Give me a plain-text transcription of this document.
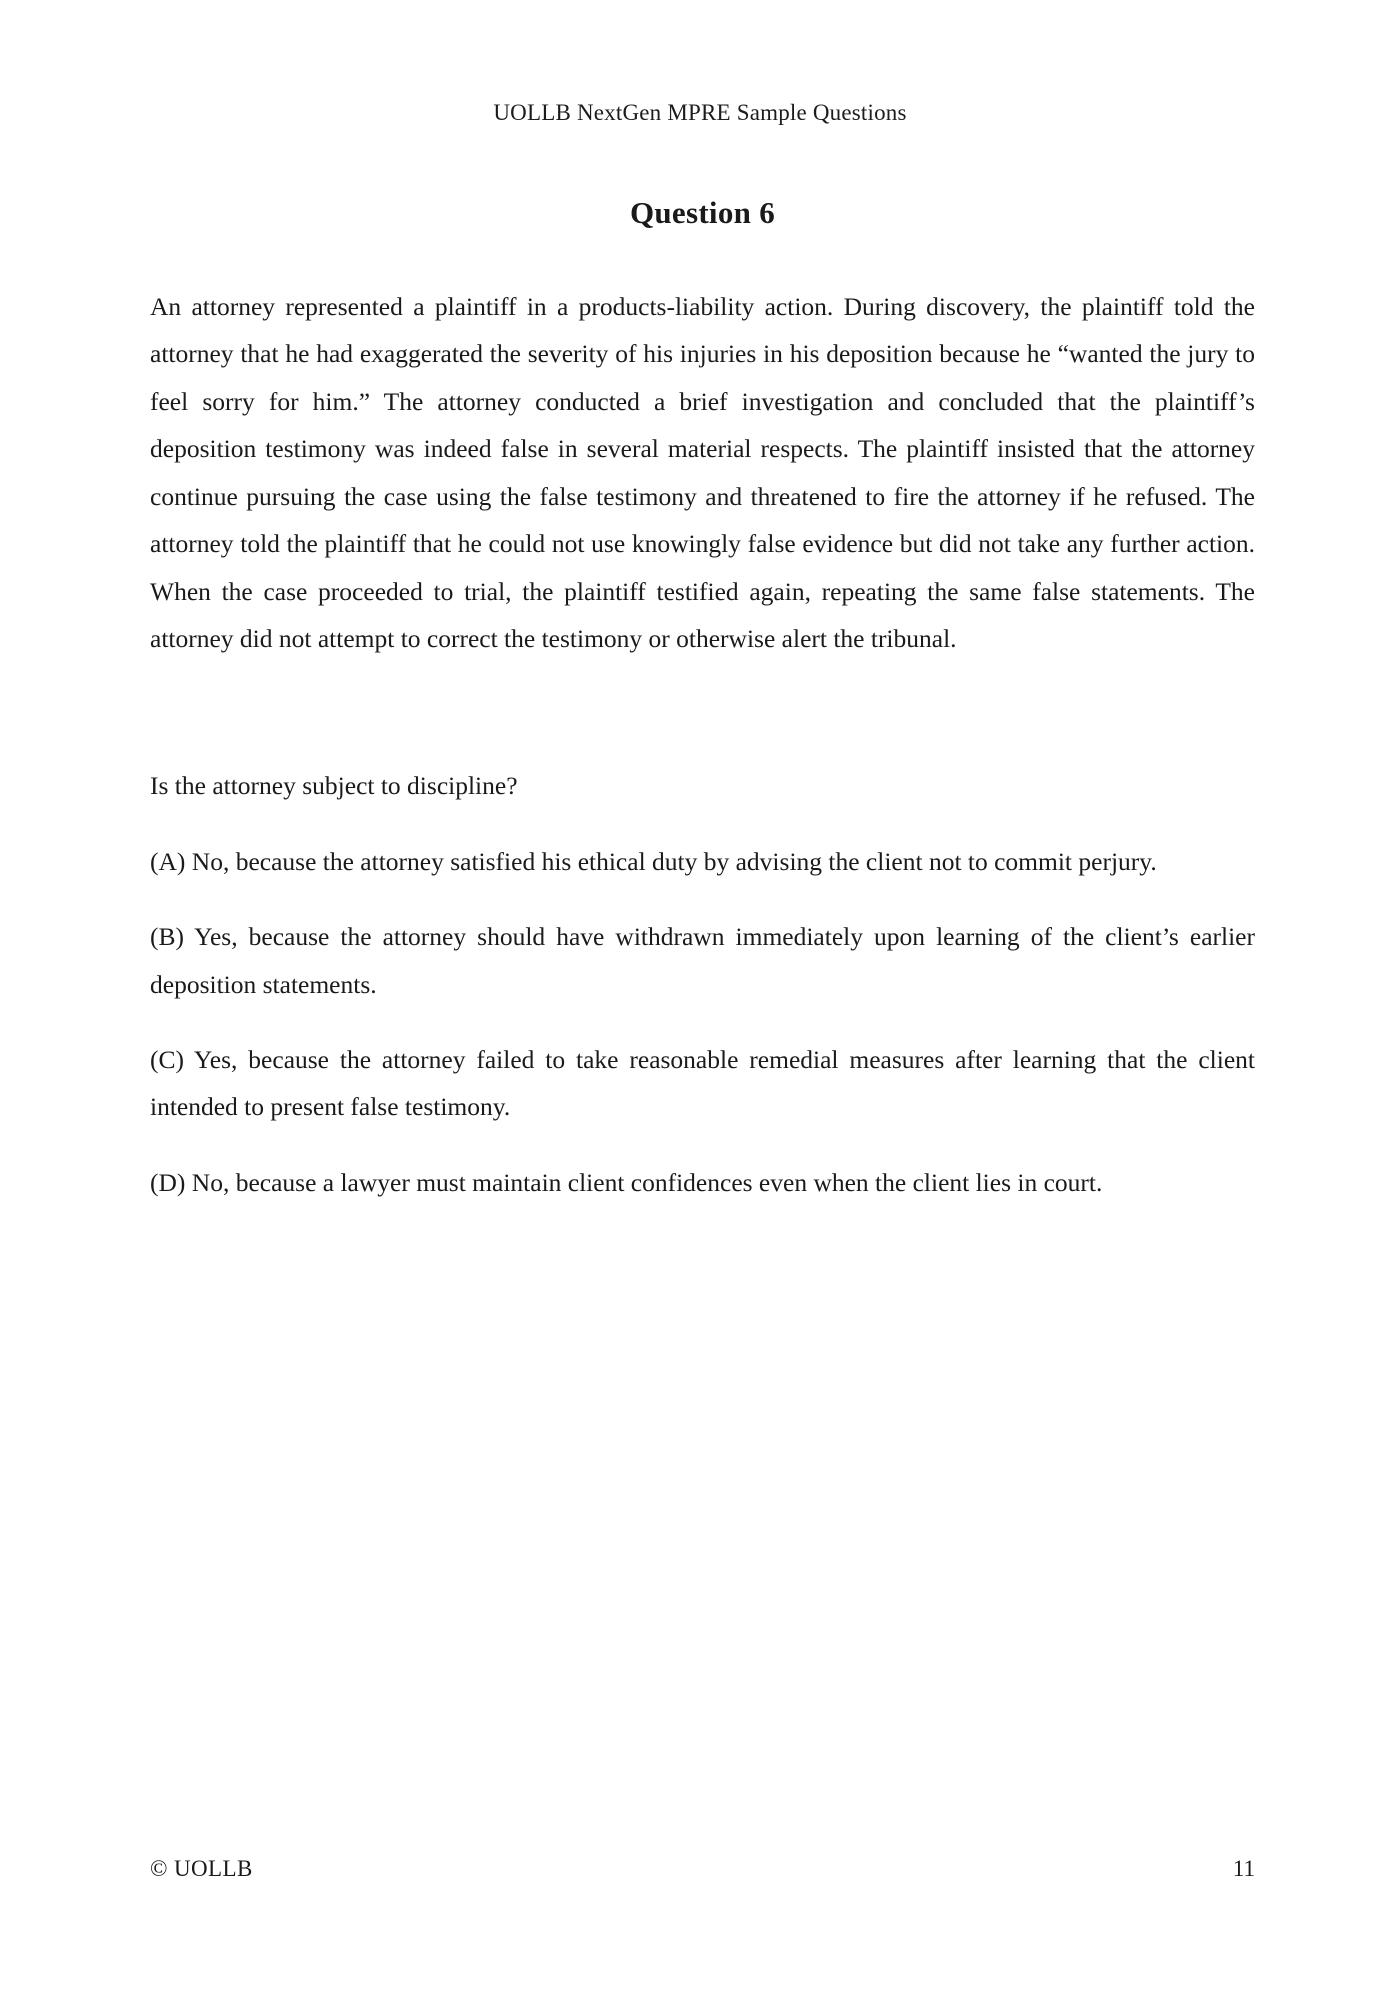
UOLLB NextGen MPRE Sample Questions
Question 6

An attorney represented a plaintiff in a products-liability action. During discovery, the plaintiff told the attorney that he had exaggerated the severity of his injuries in his deposition because he “wanted the jury to feel sorry for him.” The attorney conducted a brief investigation and concluded that the plaintiff’s deposition testimony was indeed false in several material respects. The plaintiff insisted that the attorney continue pursuing the case using the false testimony and threatened to fire the attorney if he refused. The attorney told the plaintiff that he could not use knowingly false evidence but did not take any further action. When the case proceeded to trial, the plaintiff testified again, repeating the same false statements. The attorney did not attempt to correct the testimony or otherwise alert the tribunal.

Is the attorney subject to discipline?

(A) No, because the attorney satisfied his ethical duty by advising the client not to commit perjury.
(B) Yes, because the attorney should have withdrawn immediately upon learning of the client’s earlier deposition statements.
(C) Yes, because the attorney failed to take reasonable remedial measures after learning that the client intended to present false testimony.
(D) No, because a lawyer must maintain client confidences even when the client lies in court.
© UOLLB	11
